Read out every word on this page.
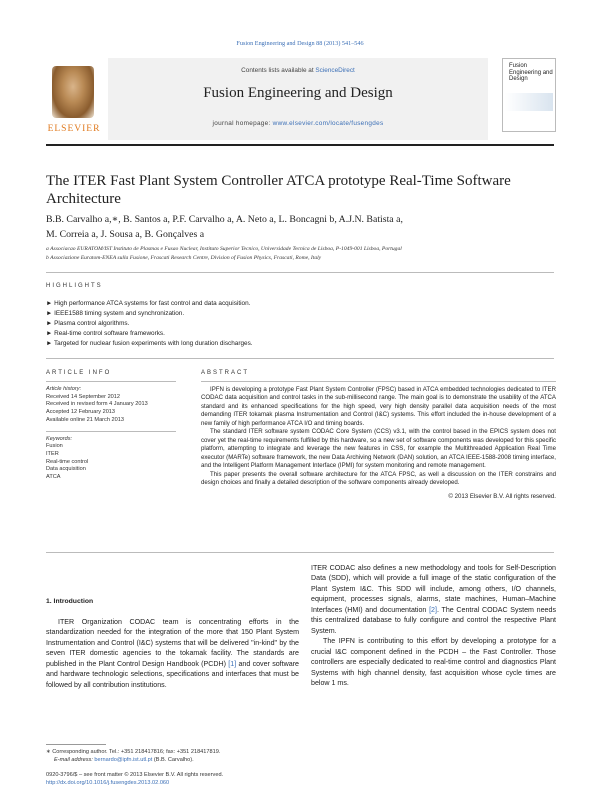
Fusion Engineering and Design 88 (2013) 541–546
ELSEVIER
Contents lists available at ScienceDirect
Fusion Engineering and Design
journal homepage: www.elsevier.com/locate/fusengdes
Fusion Engineering and Design
The ITER Fast Plant System Controller ATCA prototype Real-Time Software Architecture
B.B. Carvalho a,∗, B. Santos a, P.F. Carvalho a, A. Neto a, L. Boncagni b, A.J.N. Batista a,
M. Correia a, J. Sousa a, B. Gonçalves a
a Associacao EURATOM/IST Instituto de Plasmas e Fusao Nuclear, Instituto Superior Tecnico, Universidade Tecnica de Lisboa, P-1049-001 Lisboa, Portugal
b Associazione Euratom-ENEA sulla Fusione, Frascati Research Centre, Division of Fusion Physics, Frascati, Rome, Italy
HIGHLIGHTS
► High performance ATCA systems for fast control and data acquisition.
► IEEE1588 timing system and synchronization.
► Plasma control algorithms.
► Real-time control software frameworks.
► Targeted for nuclear fusion experiments with long duration discharges.
ARTICLE INFO	ABSTRACT
Article history:
Received 14 September 2012
Received in revised form 4 January 2013
Accepted 12 February 2013
Available online 21 March 2013
Keywords:
Fusion
ITER
Real-time control
Data acquisition
ATCA

IPFN is developing a prototype Fast Plant System Controller (FPSC) based in ATCA embedded technologies dedicated to ITER CODAC data acquisition and control tasks in the sub-millisecond range. The main goal is to demonstrate the usability of the ATCA standard and its enhanced specifications for the high speed, very high density parallel data acquisition needs of the most demanding ITER tokamak plasma Instrumentation and Control (I&C) systems. This effort included the in-house development of a new family of high performance ATCA I/O and timing boards.

The standard ITER software system CODAC Core System (CCS) v3.1, with the control based in the EPICS system does not cover yet the real-time requirements fulfilled by this hardware, so a new set of software components was developed for this specific platform, attempting to integrate and leverage the new features in CSS, for example the Multithreaded Application Real Time executor (MARTe) software framework, the new Data Archiving Network (DAN) solution, an ATCA IEEE-1588-2008 timing interface, and the Intelligent Platform Management Interface (IPMI) for system monitoring and remote management.

This paper presents the overall software architecture for the ATCA FPSC, as well a discussion on the ITER constrains and design choices and finally a detailed description of the software components already developed.

© 2013 Elsevier B.V. All rights reserved.

1. Introduction

ITER Organization CODAC team is concentrating efforts in the standardization needed for the integration of the more that 150 Plant System Instrumentation and Control (I&C) systems that will be delivered "in-kind" by the seven ITER domestic agencies to the tokamak facility. The standards are published in the Plant Control Design Handbook (PCDH) [1] and cover software and hardware technologic selections, specifications and interfaces that must be followed by all contribution institutions.

ITER CODAC also defines a new methodology and tools for Self-Description Data (SDD), which will provide a full image of the static configuration of the Plant System I&C. This SDD will include, among others, I/O channels, equipment, processes signals, alarms, state machines, Human–Machine Interfaces (HMI) and documentation [2]. The Central CODAC System needs this centralized database to fully configure and control the respective Plant System.

The IPFN is contributing to this effort by developing a prototype for a crucial I&C component defined in the PCDH – the Fast Controller. Those controllers are especially dedicated to real-time control and diagnostics Plant Systems with high channel density, fast acquisition whose cycle times are below 1 ms.

∗ Corresponding author. Tel.: +351 218417816; fax: +351 218417819.
E-mail address: bernardo@ipfn.ist.utl.pt (B.B. Carvalho).
0920-3796/$ – see front matter © 2013 Elsevier B.V. All rights reserved.
http://dx.doi.org/10.1016/j.fusengdes.2013.02.060
